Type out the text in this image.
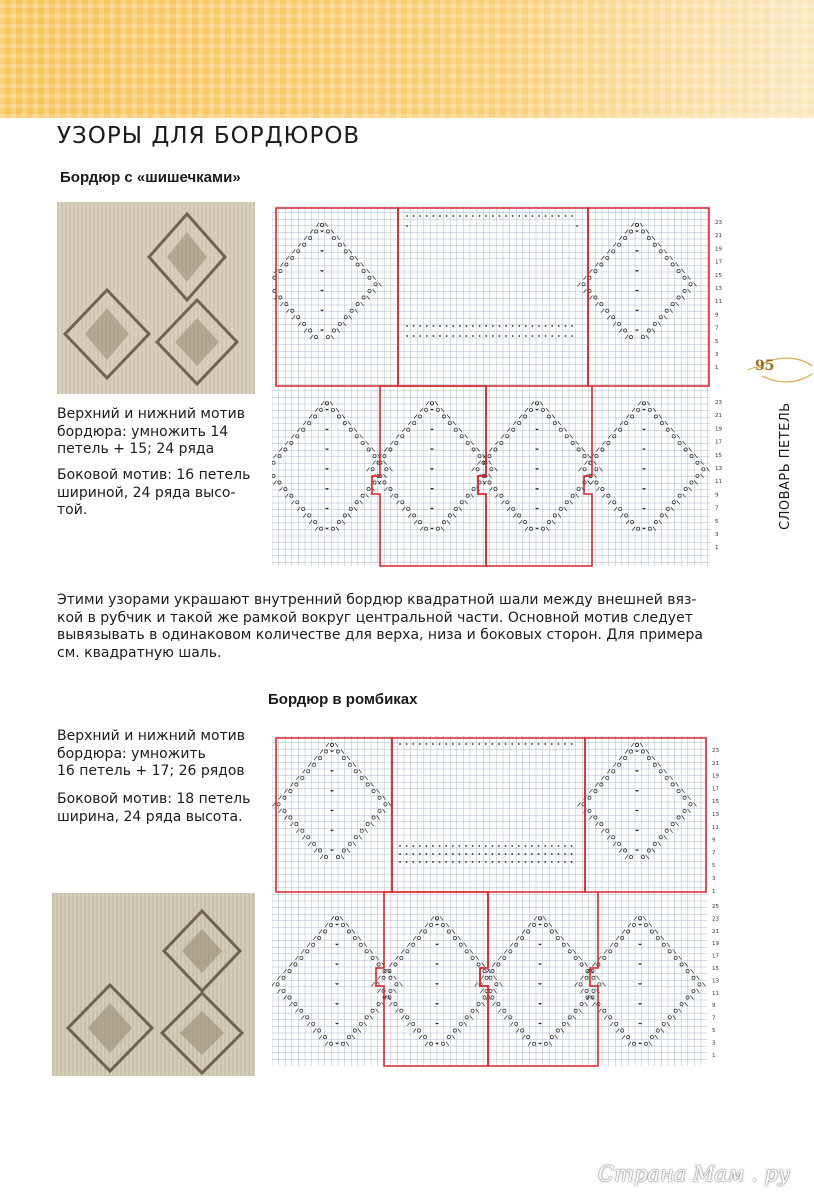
УЗОРЫ ДЛЯ БОРДЮРОВ
Бордюр с «шишечками»
Верхний и нижний мотив
бордюра: умножить 14
петель + 15; 24 ряда
Боковой мотив: 16 петель
шириной, 24 ряда высо-
той.
23
21
19
17
15
13
11
9
7
5
3
1
23
21
19
17
15
13
11
9
7
5
3
1
95
СЛОВАРЬ ПЕТЕЛЬ
Этими узорами украшают внутренний бордюр квадратной шали между внешней вяз-
кой в рубчик и такой же рамкой вокруг центральной части. Основной мотив следует
вывязывать в одинаковом количестве для верха, низа и боковых сторон. Для примера
см. квадратную шаль.
Бордюр в ромбиках
Верхний и нижний мотив
бордюра: умножить
16 петель + 17; 26 рядов
Боковой мотив: 18 петель
ширина, 24 ряда высота.
23
21
19
17
15
13
11
9
7
5
3
1
25
23
21
19
17
15
13
11
9
7
5
3
1
Страна Мам . ру
